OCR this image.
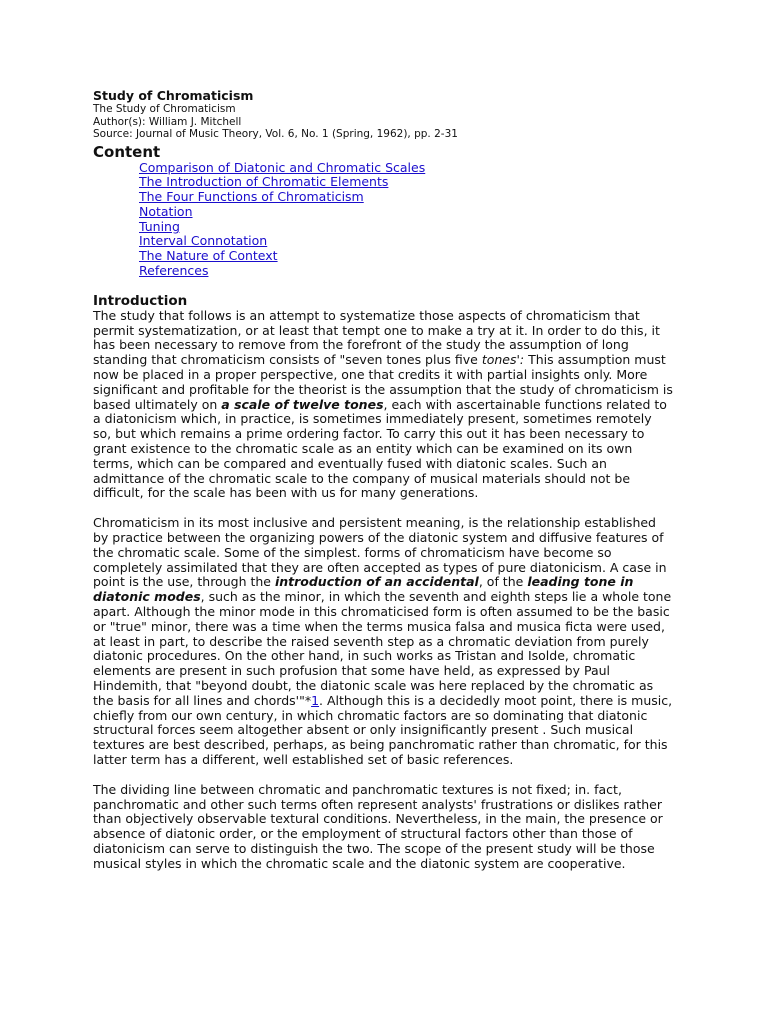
Study of Chromaticism
The Study of Chromaticism
Author(s): William J. Mitchell
Source: Journal of Music Theory, Vol. 6, No. 1 (Spring, 1962), pp. 2-31
Content
Comparison of Diatonic and Chromatic Scales
The Introduction of Chromatic Elements
The Four Functions of Chromaticism
Notation
Tuning
Interval Connotation
The Nature of Context
References
Introduction

The study that follows is an attempt to systematize those aspects of chromaticism that permit systematization, or at least that tempt one to make a try at it. In order to do this, it has been necessary to remove from the forefront of the study the assumption of long standing that chromaticism consists of "seven tones plus five tones': This assumption must now be placed in a proper perspective, one that credits it with partial insights only. More significant and profitable for the theorist is the assumption that the study of chromaticism is based ultimately on a scale of twelve tones, each with ascertainable functions related to a diatonicism which, in practice, is sometimes immediately present, sometimes remotely so, but which remains a prime ordering factor. To carry this out it has been necessary to grant existence to the chromatic scale as an entity which can be examined on its own terms, which can be compared and eventually fused with diatonic scales. Such an admittance of the chromatic scale to the company of musical materials should not be difficult, for the scale has been with us for many generations.

Chromaticism in its most inclusive and persistent meaning, is the relationship established by practice between the organizing powers of the diatonic system and diffusive features of the chromatic scale. Some of the simplest. forms of chromaticism have become so completely assimilated that they are often accepted as types of pure diatonicism. A case in point is the use, through the introduction of an accidental, of the leading tone in diatonic modes, such as the minor, in which the seventh and eighth steps lie a whole tone apart. Although the minor mode in this chromaticised form is often assumed to be the basic or "true" minor, there was a time when the terms musica falsa and musica ficta were used, at least in part, to describe the raised seventh step as a chromatic deviation from purely diatonic procedures. On the other hand, in such works as Tristan and Isolde, chromatic elements are present in such profusion that some have held, as expressed by Paul Hindemith, that "beyond doubt, the diatonic scale was here replaced by the chromatic as the basis for all lines and chords'"*1. Although this is a decidedly moot point, there is music, chiefly from our own century, in which chromatic factors are so dominating that diatonic structural forces seem altogether absent or only insignificantly present . Such musical textures are best described, perhaps, as being panchromatic rather than chromatic, for this latter term has a different, well established set of basic references.

The dividing line between chromatic and panchromatic textures is not fixed; in. fact, panchromatic and other such terms often represent analysts' frustrations or dislikes rather than objectively observable textural conditions. Nevertheless, in the main, the presence or absence of diatonic order, or the employment of structural factors other than those of diatonicism can serve to distinguish the two. The scope of the present study will be those musical styles in which the chromatic scale and the diatonic system are cooperative.
